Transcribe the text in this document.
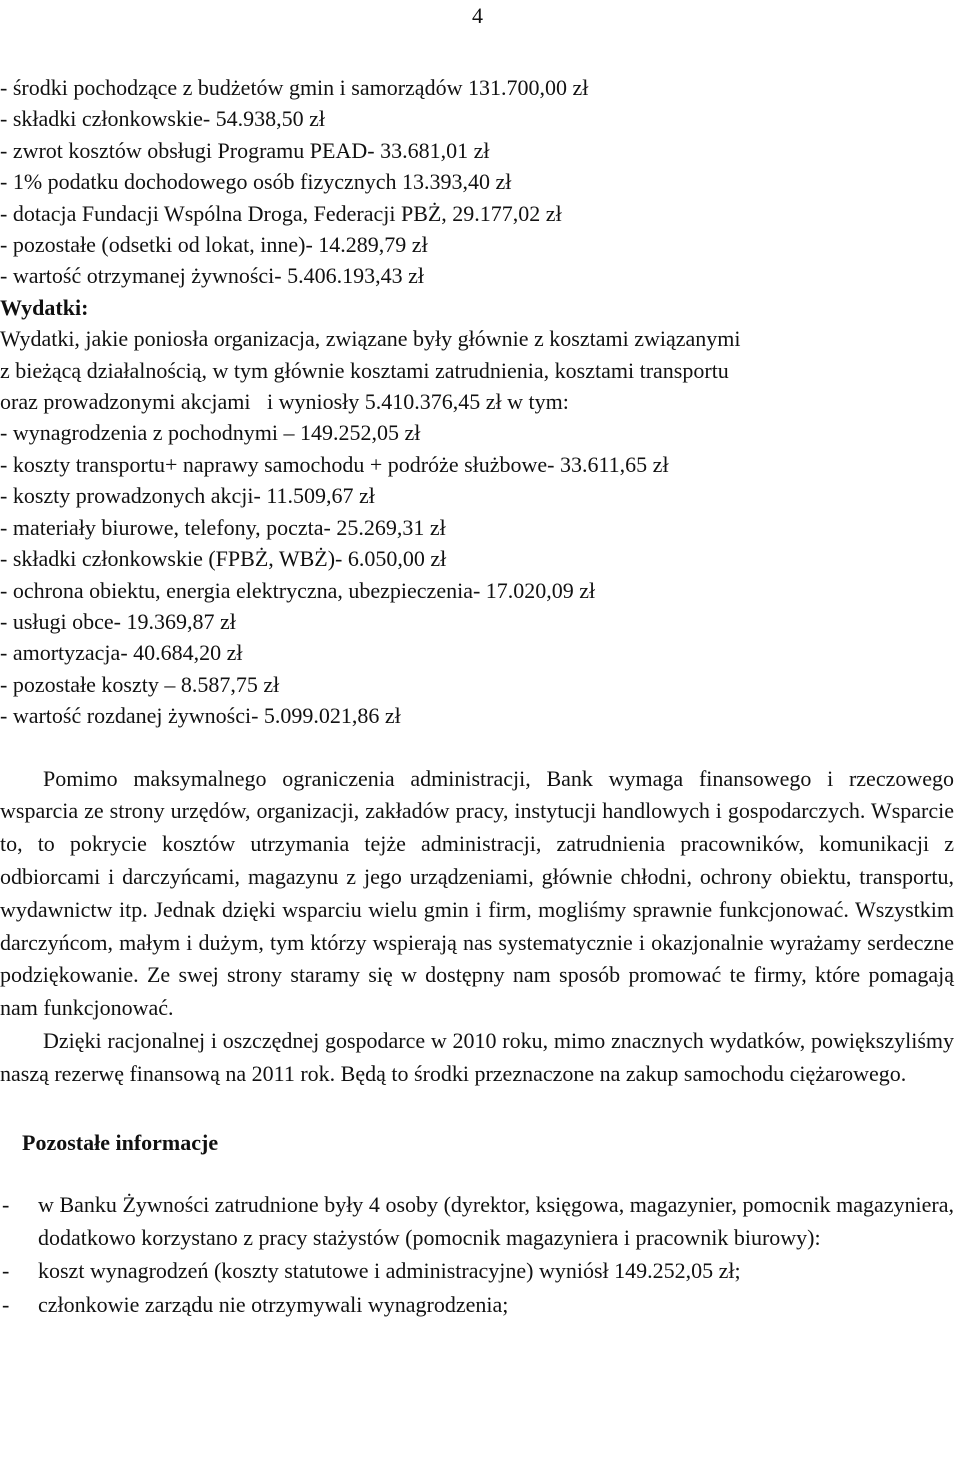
4

- środki pochodzące z budżetów gmin i samorządów 131.700,00 zł

- składki członkowskie- 54.938,50 zł

- zwrot kosztów obsługi Programu PEAD- 33.681,01 zł

- 1% podatku dochodowego osób fizycznych 13.393,40 zł

- dotacja Fundacji Wspólna Droga, Federacji PBŻ, 29.177,02 zł

- pozostałe (odsetki od lokat, inne)- 14.289,79 zł

- wartość otrzymanej żywności- 5.406.193,43 zł

Wydatki:

Wydatki, jakie poniosła organizacja, związane były głównie z kosztami związanymi

z bieżącą działalnością, w tym głównie kosztami zatrudnienia, kosztami transportu

oraz prowadzonymi akcjami   i wyniosły 5.410.376,45 zł w tym:

- wynagrodzenia z pochodnymi – 149.252,05 zł

- koszty transportu+ naprawy samochodu + podróże służbowe- 33.611,65 zł

- koszty prowadzonych akcji- 11.509,67 zł

- materiały biurowe, telefony, poczta- 25.269,31 zł

- składki członkowskie (FPBŻ, WBŻ)- 6.050,00 zł

- ochrona obiektu, energia elektryczna, ubezpieczenia- 17.020,09 zł

- usługi obce- 19.369,87 zł

- amortyzacja- 40.684,20 zł

- pozostałe koszty – 8.587,75 zł

- wartość rozdanej żywności- 5.099.021,86 zł

Pomimo maksymalnego ograniczenia administracji, Bank wymaga finansowego i rzeczowego wsparcia ze strony urzędów, organizacji, zakładów pracy, instytucji handlowych i gospodarczych. Wsparcie to, to pokrycie kosztów utrzymania tejże administracji, zatrudnienia pracowników, komunikacji z odbiorcami i darczyńcami, magazynu z jego urządzeniami, głównie chłodni, ochrony obiektu, transportu, wydawnictw itp. Jednak dzięki wsparciu wielu gmin i firm, mogliśmy sprawnie funkcjonować. Wszystkim darczyńcom, małym i dużym, tym którzy wspierają nas systematycznie i okazjonalnie wyrażamy serdeczne podziękowanie. Ze swej strony staramy się w dostępny nam sposób promować te firmy, które pomagają nam funkcjonować.

Dzięki racjonalnej i oszczędnej gospodarce w 2010 roku, mimo znacznych wydatków, powiększyliśmy naszą rezerwę finansową na 2011 rok. Będą to środki przeznaczone na zakup samochodu ciężarowego.

Pozostałe informacje

- w Banku Żywności zatrudnione były 4 osoby (dyrektor, księgowa, magazynier, pomocnik magazyniera, dodatkowo korzystano z pracy stażystów (pomocnik magazyniera i pracownik biurowy):
- koszt wynagrodzeń (koszty statutowe i administracyjne) wyniósł 149.252,05 zł;
- członkowie zarządu nie otrzymywali wynagrodzenia;
